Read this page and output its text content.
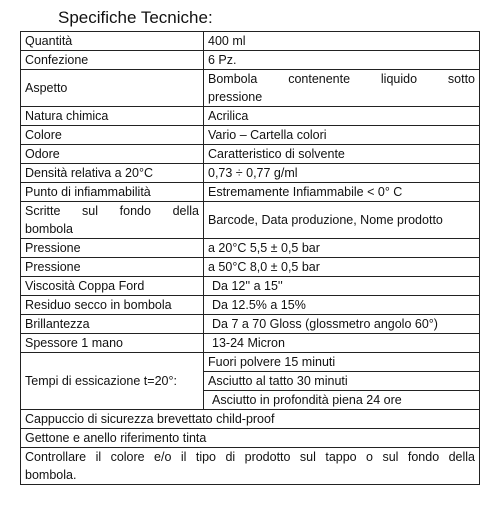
Specifiche Tecniche:
Quantità	400 ml
Confezione	6 Pz.
Aspetto	Bombola contenente liquido sotto
pressione

Natura chimica	Acrilica
Colore	Vario – Cartella colori
Odore	Caratteristico di solvente
Densità relativa a 20°C	0,73 ÷ 0,77 g/ml
Punto di infiammabilità	Estremamente Infiammabile < 0° C

Scritte sul fondo della
bombola	Barcode, Data produzione, Nome prodotto
Pressione	a 20°C 5,5 ± 0,5 bar
Pressione	a 50°C 8,0 ± 0,5 bar
Viscosità Coppa Ford	Da 12'' a 15''
Residuo secco in bombola	Da 12.5% a 15%
Brillantezza	Da 7 a 70 Gloss (glossmetro angolo 60°)
Spessore 1 mano	13-24 Micron
Tempi di essicazione t=20°:	Fuori polvere 15 minuti
	Asciutto al tatto 30 minuti
	Asciutto in profondità piena 24 ore
Cappuccio di sicurezza brevettato child-proof	
Gettone e anello riferimento tinta	

Controllare il colore e/o il tipo di prodotto sul tappo o sul fondo della
bombola.	
